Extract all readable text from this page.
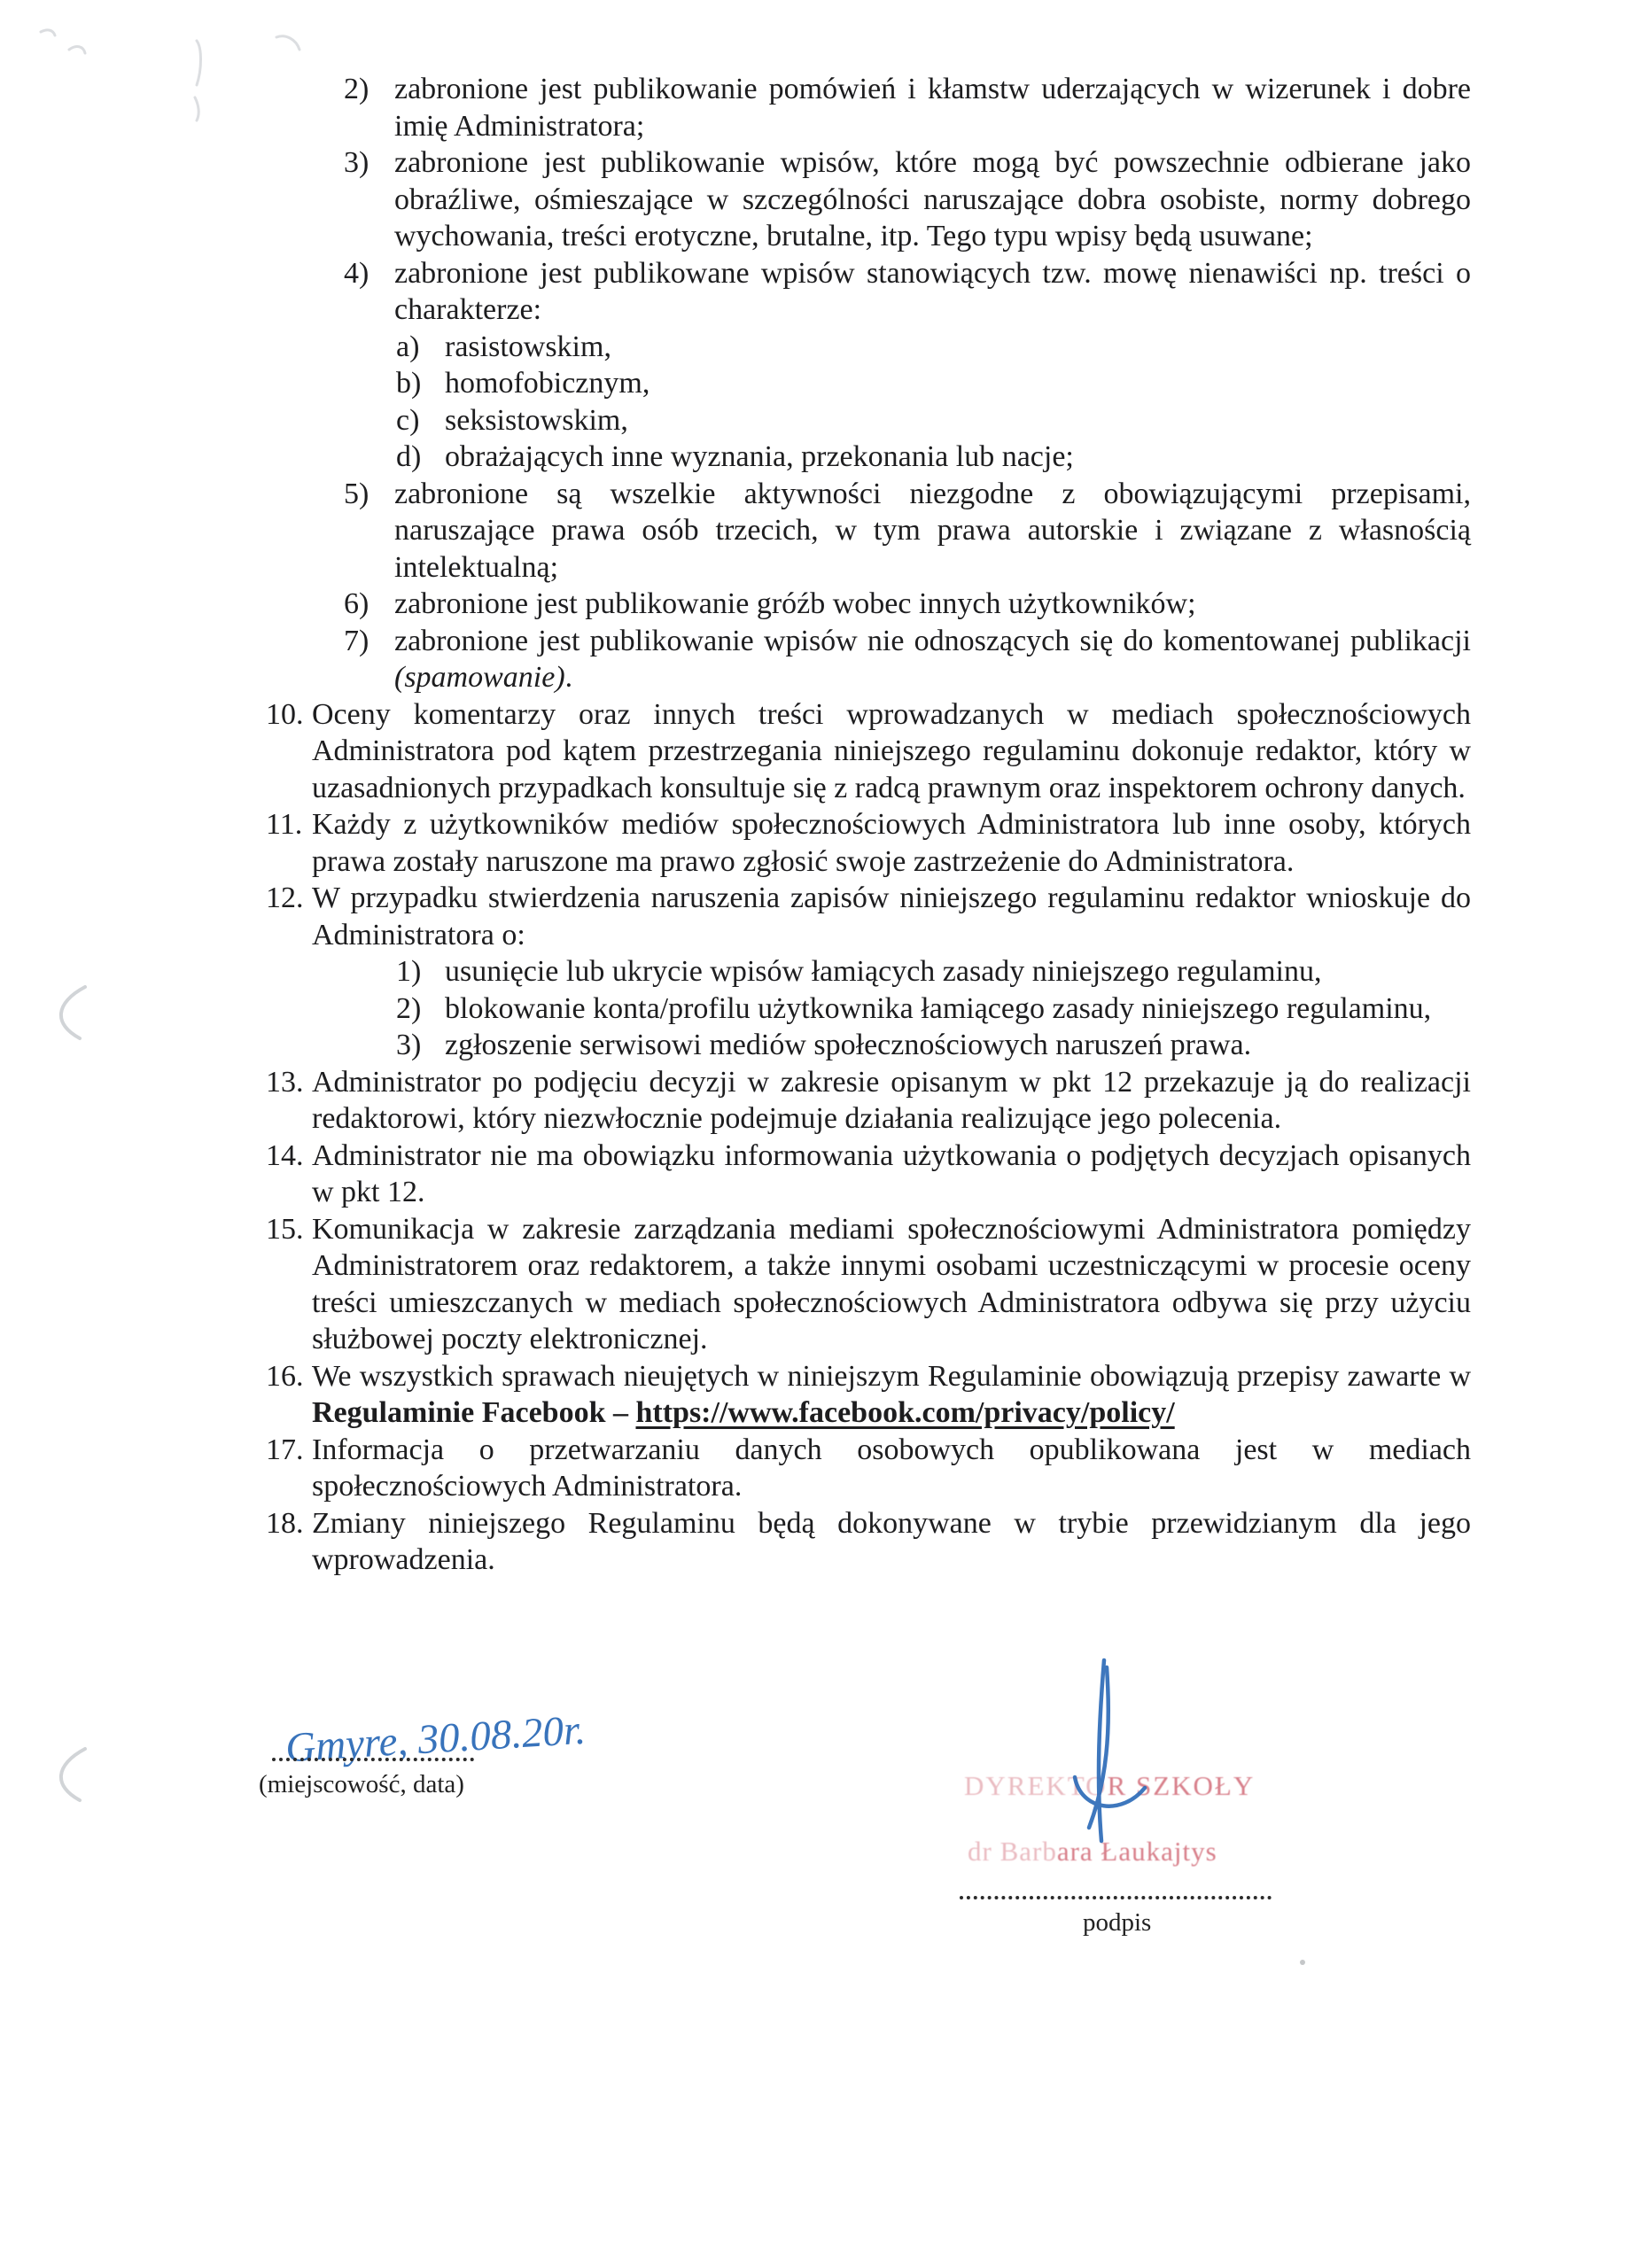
2) zabronione jest publikowanie pomówień i kłamstw uderzających w wizerunek i dobre imię Administratora;
3) zabronione jest publikowanie wpisów, które mogą być powszechnie odbierane jako obraźliwe, ośmieszające w szczególności naruszające dobra osobiste, normy dobrego wychowania, treści erotyczne, brutalne, itp. Tego typu wpisy będą usuwane;
4) zabronione jest publikowane wpisów stanowiących tzw. mowę nienawiści np. treści o charakterze:
a) rasistowskim,
b) homofobicznym,
c) seksistowskim,
d) obrażających inne wyznania, przekonania lub nacje;
5) zabronione są wszelkie aktywności niezgodne z obowiązującymi przepisami, naruszające prawa osób trzecich, w tym prawa autorskie i związane z własnością intelektualną;
6) zabronione jest publikowanie gróźb wobec innych użytkowników;
7) zabronione jest publikowanie wpisów nie odnoszących się do komentowanej publikacji (spamowanie).
10. Oceny komentarzy oraz innych treści wprowadzanych w mediach społecznościowych Administratora pod kątem przestrzegania niniejszego regulaminu dokonuje redaktor, który w uzasadnionych przypadkach konsultuje się z radcą prawnym oraz inspektorem ochrony danych.
11. Każdy z użytkowników mediów społecznościowych Administratora lub inne osoby, których prawa zostały naruszone ma prawo zgłosić swoje zastrzeżenie do Administratora.
12. W przypadku stwierdzenia naruszenia zapisów niniejszego regulaminu redaktor wnioskuje do Administratora o:
1) usunięcie lub ukrycie wpisów łamiących zasady niniejszego regulaminu,
2) blokowanie konta/profilu użytkownika łamiącego zasady niniejszego regulaminu,
3) zgłoszenie serwisowi mediów społecznościowych naruszeń prawa.
13. Administrator po podjęciu decyzji w zakresie opisanym w pkt 12 przekazuje ją do realizacji redaktorowi, który niezwłocznie podejmuje działania realizujące jego polecenia.
14. Administrator nie ma obowiązku informowania użytkowania o podjętych decyzjach opisanych w pkt 12.
15. Komunikacja w zakresie zarządzania mediami społecznościowymi Administratora pomiędzy Administratorem oraz redaktorem, a także innymi osobami uczestniczącymi w procesie oceny treści umieszczanych w mediach społecznościowych Administratora odbywa się przy użyciu służbowej poczty elektronicznej.
16. We wszystkich sprawach nieujętych w niniejszym Regulaminie obowiązują przepisy zawarte w Regulaminie Facebook – https://www.facebook.com/privacy/policy/
17. Informacja o przetwarzaniu danych osobowych opublikowana jest w mediach społecznościowych Administratora.
18. Zmiany niniejszego Regulaminu będą dokonywane w trybie przewidzianym dla jego wprowadzenia.
Gmyre, 30.08.20r.
(miejscowość, data)	DYREKTOR SZKOŁY
dr Barbara Łaukajtys
podpis
